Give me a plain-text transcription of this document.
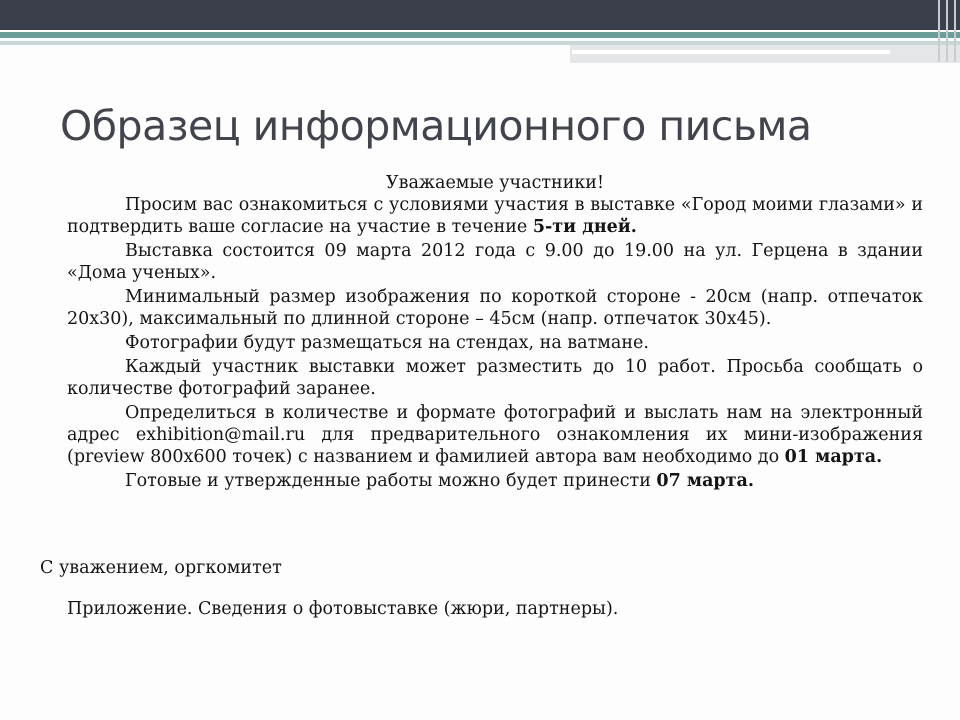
Образец информационного письма
Уважаемые участники!

Просим вас ознакомиться с условиями участия в выставке «Город моими глазами» и подтвердить ваше согласие на участие в течение 5-ти дней.

Выставка состоится 09 марта 2012 года с 9.00 до 19.00 на ул. Герцена в здании «Дома ученых».

Минимальный размер изображения по короткой стороне - 20см (напр. отпечаток 20х30), максимальный по длинной стороне – 45см (напр. отпечаток 30х45).

Фотографии будут размещаться на стендах, на ватмане.

Каждый участник выставки может разместить до 10 работ. Просьба сообщать о количестве фотографий заранее.

Определиться в количестве и формате фотографий и выслать нам на электронный адрес exhibition@mail.ru для предварительного ознакомления их мини-изображения (preview 800х600 точек) с названием и фамилией автора вам необходимо до 01 марта.

Готовые и утвержденные работы можно будет принести 07 марта.

С уважением, оргкомитет
Приложение. Сведения о фотовыставке (жюри, партнеры).
